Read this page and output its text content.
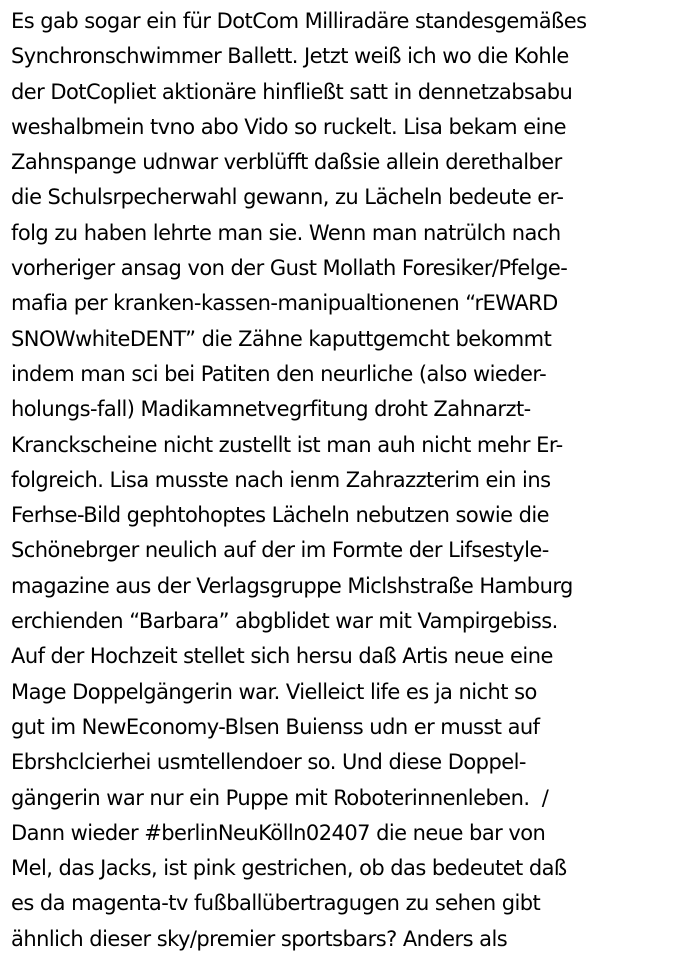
Es gab sogar ein für DotCom Milliradäre standesgemäßes
Synchronschwimmer Ballett. Jetzt weiß ich wo die Kohle
der DotCopliet aktionäre hinfließt satt in dennetzabsabu
weshalbmein tvno abo Vido so ruckelt. Lisa bekam eine
Zahnspange udnwar verblüfft daßsie allein derethalber
die Schulsrpecherwahl gewann, zu Lächeln bedeute er-
folg zu haben lehrte man sie. Wenn man natrülch nach
vorheriger ansag von der Gust Mollath Foresiker/Pfelge-
mafia per kranken-kassen-manipualtionenen “rEWARD
SNOWwhiteDENT” die Zähne kaputtgemcht bekommt
indem man sci bei Patiten den neurliche (also wieder-
holungs-fall) Madikamnetvegrfitung droht Zahnarzt-
Kranckscheine nicht zustellt ist man auh nicht mehr Er-
folgreich. Lisa musste nach ienm Zahrazzterim ein ins
Ferhse-Bild gephtohoptes Lächeln nebutzen sowie die
Schönebrger neulich auf der im Formte der Lifsestyle-
magazine aus der Verlagsgruppe Miclshstraße Hamburg
erchienden “Barbara” abgblidet war mit Vampirgebiss.
Auf der Hochzeit stellet sich hersu daß Artis neue eine
Mage Doppelgängerin war. Vielleict life es ja nicht so
gut im NewEconomy-Blsen Buienss udn er musst auf
Ebrshclcierhei usmtellendoer so. Und diese Doppel-
gängerin war nur ein Puppe mit Roboterinnenleben.  /
Dann wieder #berlinNeuKölln02407 die neue bar von
Mel, das Jacks, ist pink gestrichen, ob das bedeutet daß
es da magenta-tv fußballübertragugen zu sehen gibt
ähnlich dieser sky/premier sportsbars? Anders als
